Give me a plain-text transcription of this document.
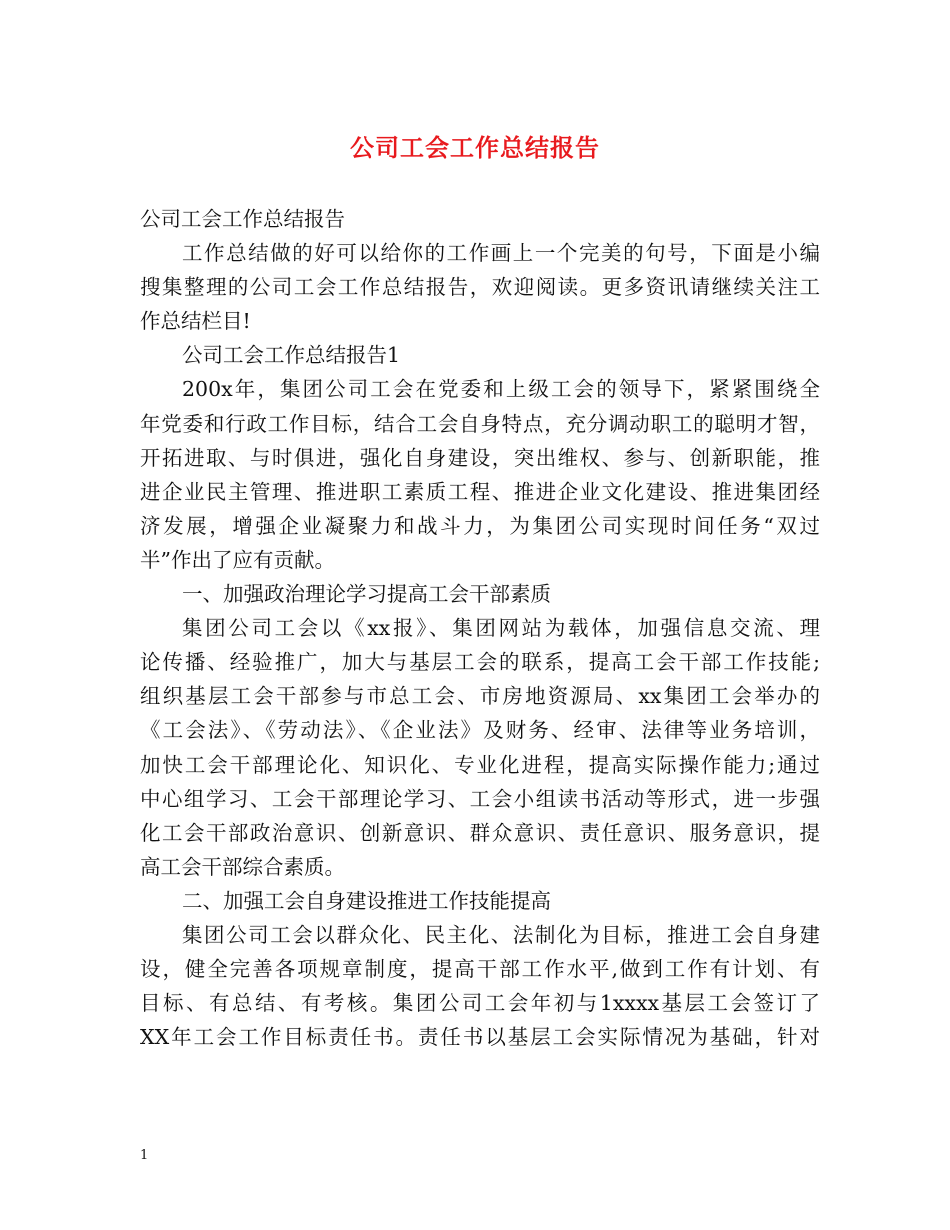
公司工会工作总结报告
公司工会工作总结报告
工作总结做的好可以给你的工作画上一个完美的句号，下面是小编
搜集整理的公司工会工作总结报告，欢迎阅读。更多资讯请继续关注工
作总结栏目!
公司工会工作总结报告1
200x年，集团公司工会在党委和上级工会的领导下，紧紧围绕全
年党委和行政工作目标，结合工会自身特点，充分调动职工的聪明才智，
开拓进取、与时俱进，强化自身建设，突出维权、参与、创新职能，推
进企业民主管理、推进职工素质工程、推进企业文化建设、推进集团经
济发展，增强企业凝聚力和战斗力，为集团公司实现时间任务“双过
半”作出了应有贡献。
一、加强政治理论学习提高工会干部素质
集团公司工会以《xx报》、集团网站为载体，加强信息交流、理
论传播、经验推广，加大与基层工会的联系，提高工会干部工作技能;
组织基层工会干部参与市总工会、市房地资源局、xx集团工会举办的
《工会法》、《劳动法》、《企业法》及财务、经审、法律等业务培训，
加快工会干部理论化、知识化、专业化进程，提高实际操作能力;通过
中心组学习、工会干部理论学习、工会小组读书活动等形式，进一步强
化工会干部政治意识、创新意识、群众意识、责任意识、服务意识，提
高工会干部综合素质。
二、加强工会自身建设推进工作技能提高
集团公司工会以群众化、民主化、法制化为目标，推进工会自身建
设，健全完善各项规章制度，提高干部工作水平,做到工作有计划、有
目标、有总结、有考核。集团公司工会年初与1xxxx基层工会签订了
XX年工会工作目标责任书。责任书以基层工会实际情况为基础，针对
1
